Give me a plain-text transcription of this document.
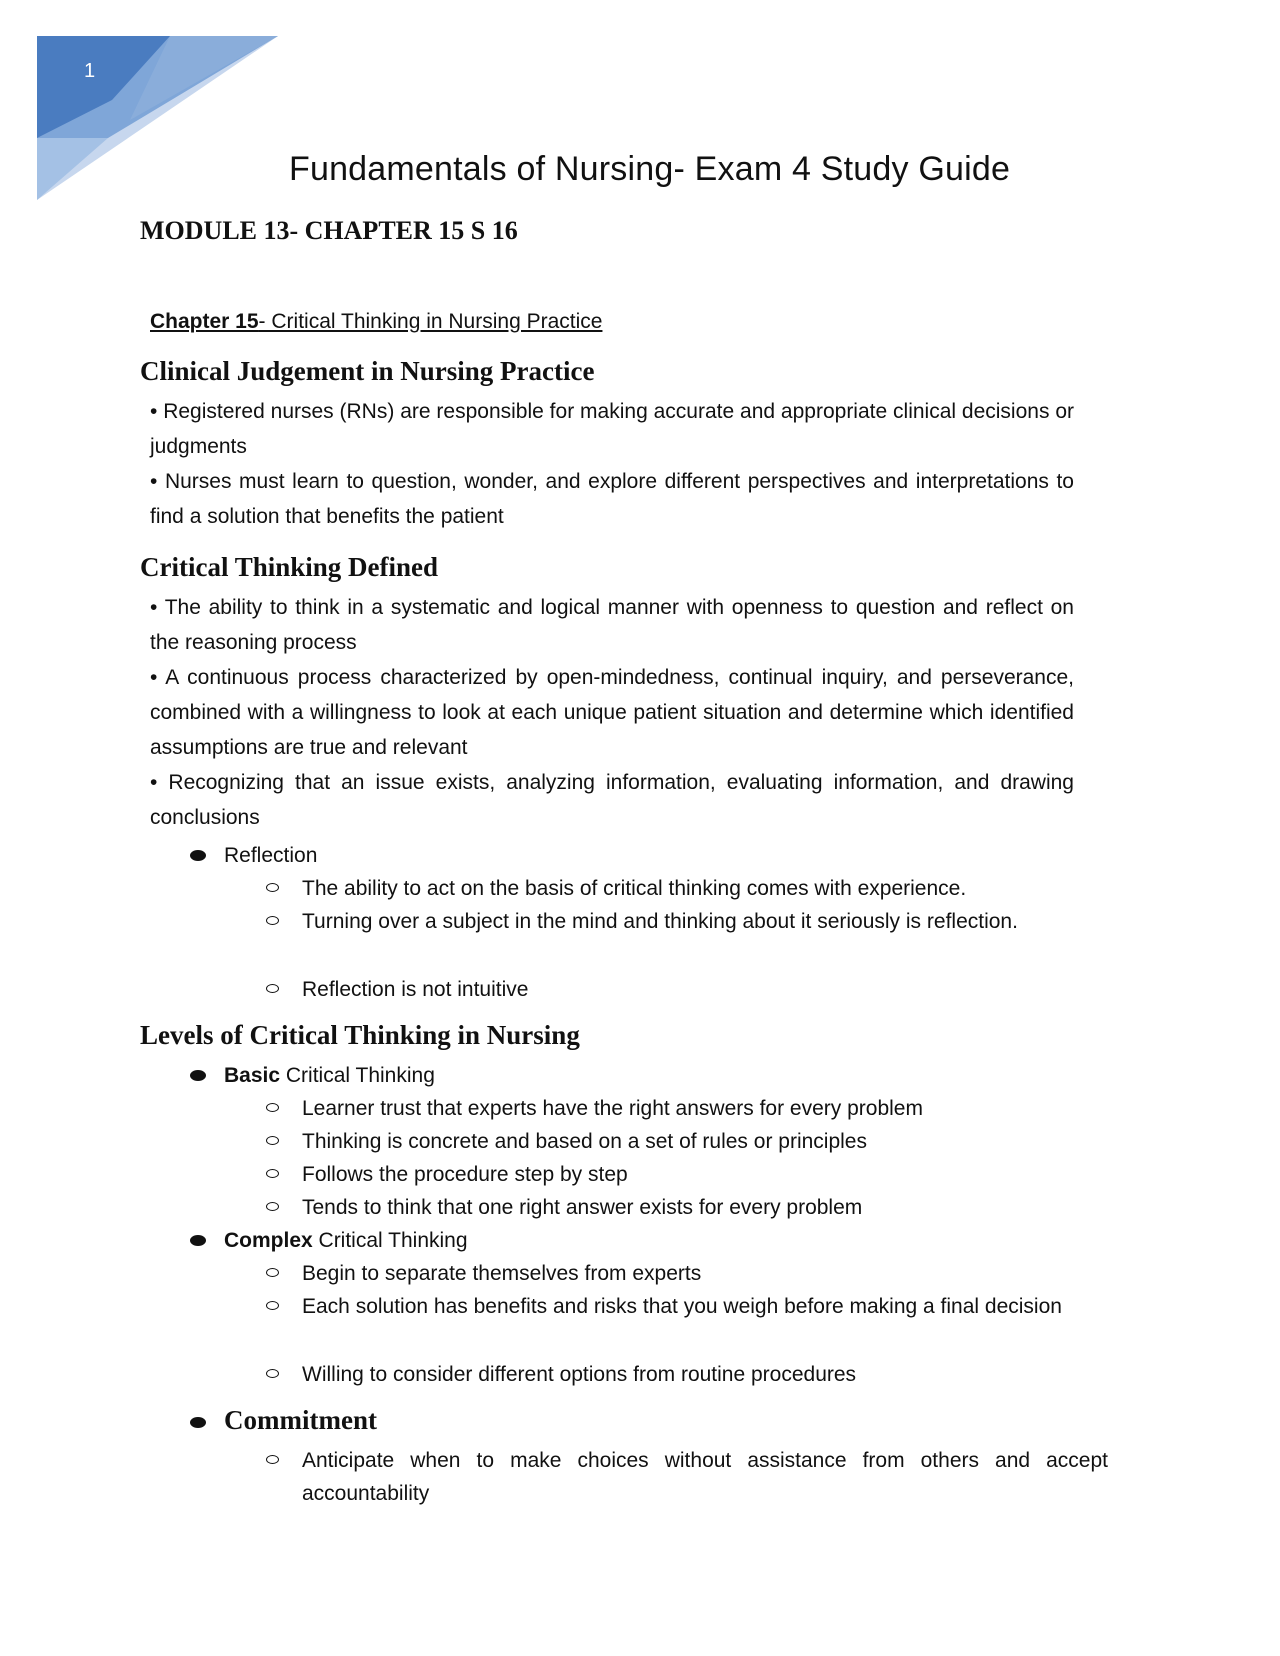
1
Fundamentals of Nursing- Exam 4 Study Guide
MODULE 13- CHAPTER 15 S 16
Chapter 15- Critical Thinking in Nursing Practice
Clinical Judgement in Nursing Practice
• Registered nurses (RNs) are responsible for making accurate and appropriate clinical decisions or judgments
• Nurses must learn to question, wonder, and explore different perspectives and interpretations to find a solution that benefits the patient
Critical Thinking Defined
• The ability to think in a systematic and logical manner with openness to question and reflect on the reasoning process
• A continuous process characterized by open-mindedness, continual inquiry, and perseverance, combined with a willingness to look at each unique patient situation and determine which identified assumptions are true and relevant
• Recognizing that an issue exists, analyzing information, evaluating information, and drawing conclusions
Reflection
The ability to act on the basis of critical thinking comes with experience.
Turning over a subject in the mind and thinking about it seriously is reflection.
Reflection is not intuitive
Levels of Critical Thinking in Nursing
Basic Critical Thinking
Learner trust that experts have the right answers for every problem
Thinking is concrete and based on a set of rules or principles
Follows the procedure step by step
Tends to think that one right answer exists for every problem
Complex Critical Thinking
Begin to separate themselves from experts
Each solution has benefits and risks that you weigh before making a final decision
Willing to consider different options from routine procedures
Commitment
Anticipate when to make choices without assistance from others and accept accountability
